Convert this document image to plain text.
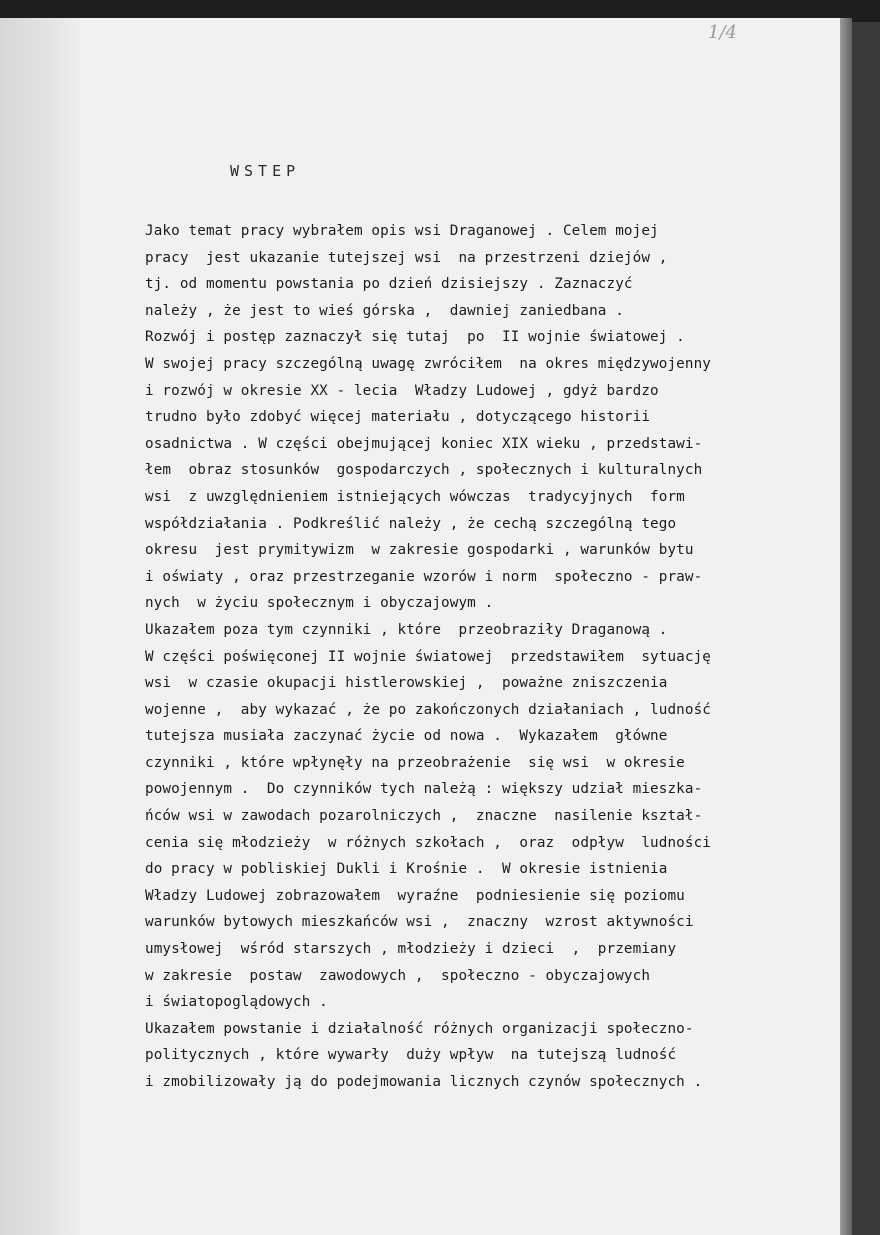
1/4
WSTEP
Jako temat pracy wybrałem opis wsi Draganowej . Celem mojej
pracy  jest ukazanie tutejszej wsi  na przestrzeni dziejów ,
tj. od momentu powstania po dzień dzisiejszy . Zaznaczyć
należy , że jest to wieś górska ,  dawniej zaniedbana .
Rozwój i postęp zaznaczył się tutaj  po  II wojnie światowej .
W swojej pracy szczególną uwagę zwróciłem  na okres międzywojenny
i rozwój w okresie XX - lecia  Władzy Ludowej , gdyż bardzo
trudno było zdobyć więcej materiału , dotyczącego historii
osadnictwa . W części obejmującej koniec XIX wieku , przedstawi-
łem  obraz stosunków  gospodarczych , społecznych i kulturalnych
wsi  z uwzględnieniem istniejących wówczas  tradycyjnych  form
współdziałania . Podkreślić należy , że cechą szczególną tego
okresu  jest prymitywizm  w zakresie gospodarki , warunków bytu
i oświaty , oraz przestrzeganie wzorów i norm  społeczno - praw-
nych  w życiu społecznym i obyczajowym .
Ukazałem poza tym czynniki , które  przeobraziły Draganową .
W części poświęconej II wojnie światowej  przedstawiłem  sytuację
wsi  w czasie okupacji histlerowskiej ,  poważne zniszczenia
wojenne ,  aby wykazać , że po zakończonych działaniach , ludność
tutejsza musiała zaczynać życie od nowa .  Wykazałem  główne
czynniki , które wpłynęły na przeobrażenie  się wsi  w okresie
powojennym .  Do czynników tych należą : większy udział mieszka-
ńców wsi w zawodach pozarolniczych ,  znaczne  nasilenie kształ-
cenia się młodzieży  w różnych szkołach ,  oraz  odpływ  ludności
do pracy w pobliskiej Dukli i Krośnie .  W okresie istnienia
Władzy Ludowej zobrazowałem  wyraźne  podniesienie się poziomu
warunków bytowych mieszkańców wsi ,  znaczny  wzrost aktywności
umysłowej  wśród starszych , młodzieży i dzieci  ,  przemiany
w zakresie  postaw  zawodowych ,  społeczno - obyczajowych
i światopoglądowych .
Ukazałem powstanie i działalność różnych organizacji społeczno-
politycznych , które wywarły  duży wpływ  na tutejszą ludność
i zmobilizowały ją do podejmowania licznych czynów społecznych .
